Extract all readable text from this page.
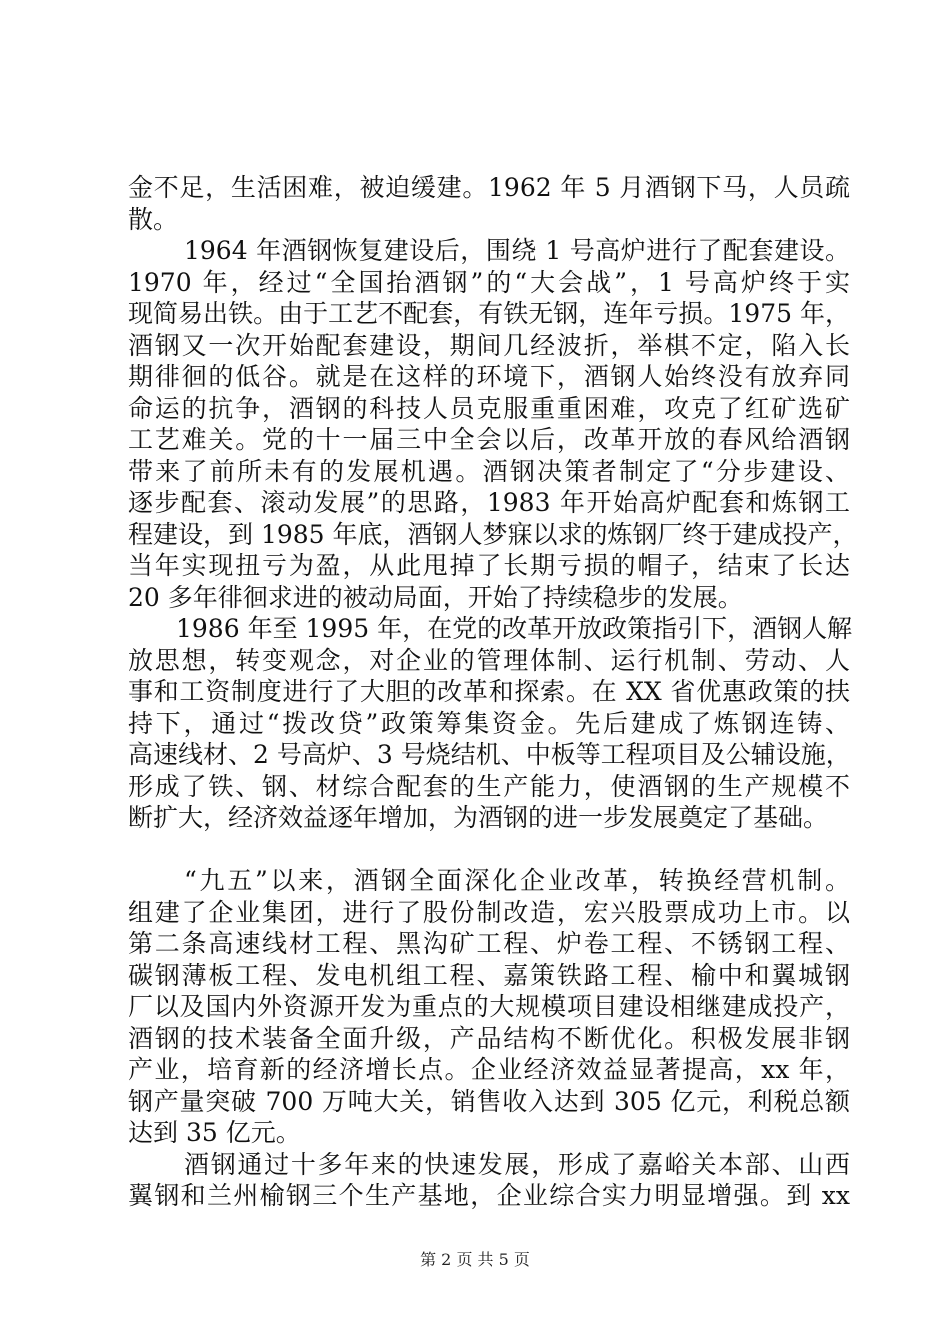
金不足，生活困难，被迫缓建。1962 年 5 月酒钢下马，人员疏
散。
1964 年酒钢恢复建设后，围绕 1 号高炉进行了配套建设。
1970 年，经过“全国抬酒钢”的“大会战”，1 号高炉终于实
现简易出铁。由于工艺不配套，有铁无钢，连年亏损。1975 年，
酒钢又一次开始配套建设，期间几经波折，举棋不定，陷入长
期徘徊的低谷。就是在这样的环境下，酒钢人始终没有放弃同
命运的抗争，酒钢的科技人员克服重重困难，攻克了红矿选矿
工艺难关。党的十一届三中全会以后，改革开放的春风给酒钢
带来了前所未有的发展机遇。酒钢决策者制定了“分步建设、
逐步配套、滚动发展”的思路，1983 年开始高炉配套和炼钢工
程建设，到 1985 年底，酒钢人梦寐以求的炼钢厂终于建成投产，
当年实现扭亏为盈，从此甩掉了长期亏损的帽子，结束了长达
20 多年徘徊求进的被动局面，开始了持续稳步的发展。
1986 年至 1995 年，在党的改革开放政策指引下，酒钢人解
放思想，转变观念，对企业的管理体制、运行机制、劳动、人
事和工资制度进行了大胆的改革和探索。在 XX 省优惠政策的扶
持下，通过“拨改贷”政策筹集资金。先后建成了炼钢连铸、
高速线材、2 号高炉、3 号烧结机、中板等工程项目及公辅设施，
形成了铁、钢、材综合配套的生产能力，使酒钢的生产规模不
断扩大，经济效益逐年增加，为酒钢的进一步发展奠定了基础。
“九五”以来，酒钢全面深化企业改革，转换经营机制。
组建了企业集团，进行了股份制改造，宏兴股票成功上市。以
第二条高速线材工程、黑沟矿工程、炉卷工程、不锈钢工程、
碳钢薄板工程、发电机组工程、嘉策铁路工程、榆中和翼城钢
厂以及国内外资源开发为重点的大规模项目建设相继建成投产，
酒钢的技术装备全面升级，产品结构不断优化。积极发展非钢
产业，培育新的经济增长点。企业经济效益显著提高，xx 年，
钢产量突破 700 万吨大关，销售收入达到 305 亿元，利税总额
达到 35 亿元。
酒钢通过十多年来的快速发展，形成了嘉峪关本部、山西
翼钢和兰州榆钢三个生产基地，企业综合实力明显增强。到 xx
第 2 页 共 5 页
